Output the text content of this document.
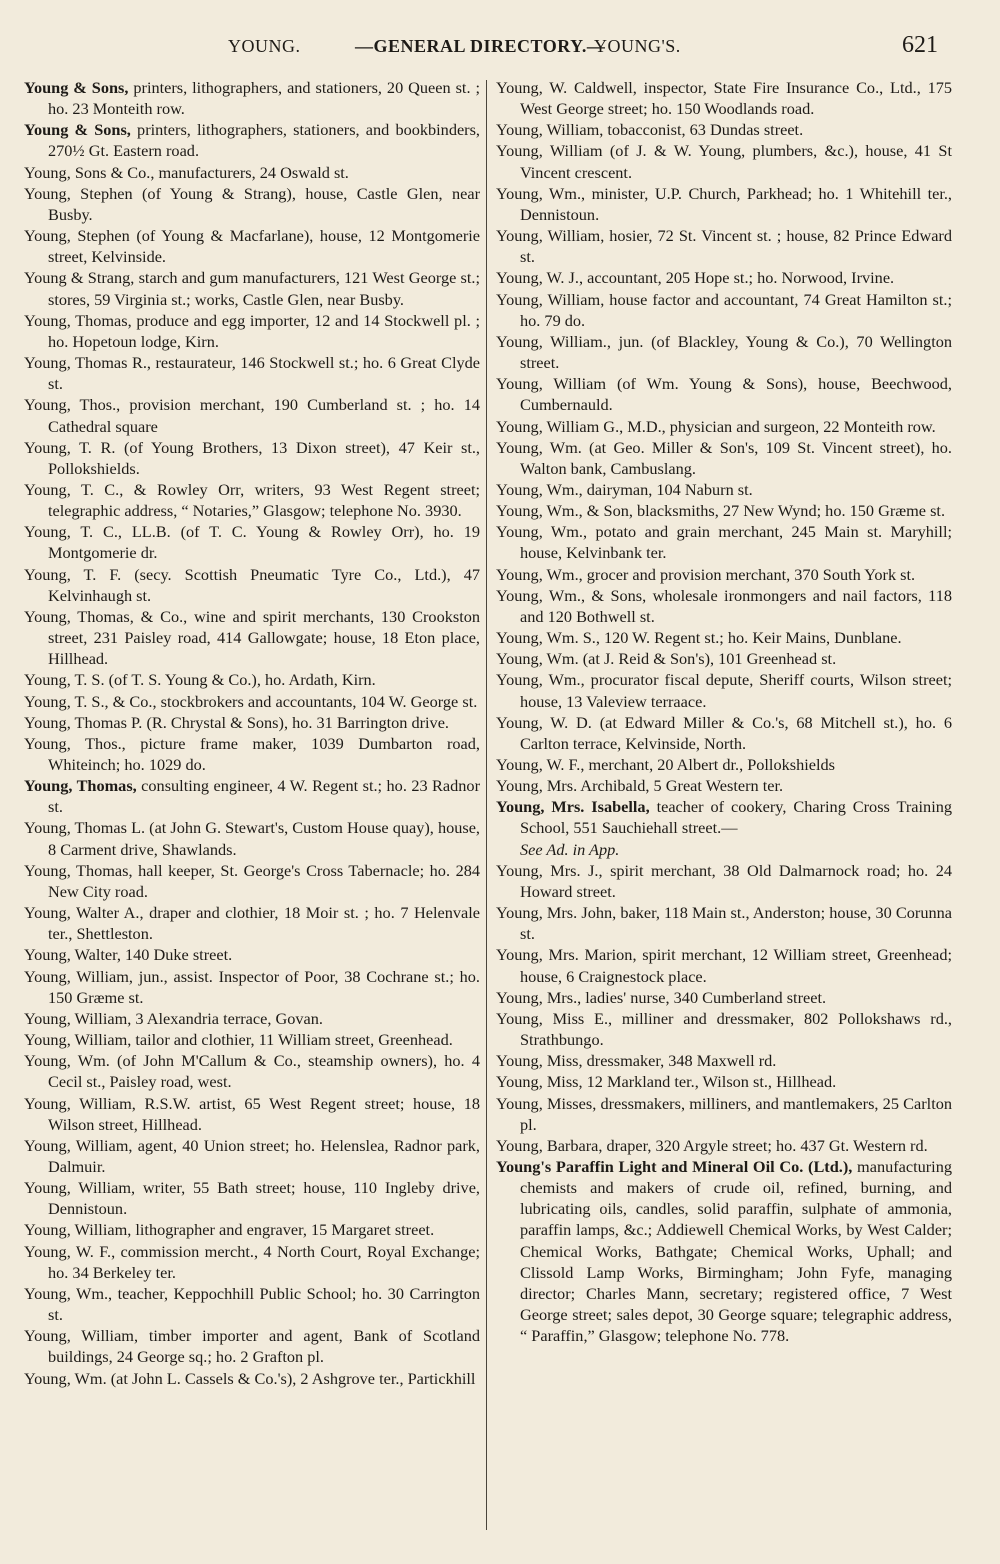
YOUNG.	—GENERAL DIRECTORY.—
YOUNG'S.	621

Young & Sons, printers, lithographers, and stationers, 20 Queen st. ; ho. 23 Monteith row.

Young & Sons, printers, lithographers, stationers, and bookbinders, 270½ Gt. Eastern road.

Young, Sons & Co., manufacturers, 24 Oswald st.

Young, Stephen (of Young & Strang), house, Castle Glen, near Busby.

Young, Stephen (of Young & Macfarlane), house, 12 Montgomerie street, Kelvinside.

Young & Strang, starch and gum manufacturers, 121 West George st.; stores, 59 Virginia st.; works, Castle Glen, near Busby.

Young, Thomas, produce and egg importer, 12 and 14 Stockwell pl. ; ho. Hopetoun lodge, Kirn.

Young, Thomas R., restaurateur, 146 Stockwell st.; ho. 6 Great Clyde st.

Young, Thos., provision merchant, 190 Cumberland st. ; ho. 14 Cathedral square

Young, T. R. (of Young Brothers, 13 Dixon street), 47 Keir st., Pollokshields.

Young, T. C., & Rowley Orr, writers, 93 West Regent street; telegraphic address, “ Notaries,” Glasgow; telephone No. 3930.

Young, T. C., LL.B. (of T. C. Young & Rowley Orr), ho. 19 Montgomerie dr.

Young, T. F. (secy. Scottish Pneumatic Tyre Co., Ltd.), 47 Kelvinhaugh st.

Young, Thomas, & Co., wine and spirit merchants, 130 Crookston street, 231 Paisley road, 414 Gallowgate; house, 18 Eton place, Hillhead.

Young, T. S. (of T. S. Young & Co.), ho. Ardath, Kirn.

Young, T. S., & Co., stockbrokers and accountants, 104 W. George st.

Young, Thomas P. (R. Chrystal & Sons), ho. 31 Barrington drive.

Young, Thos., picture frame maker, 1039 Dumbarton road, Whiteinch; ho. 1029 do.

Young, Thomas, consulting engineer, 4 W. Regent st.; ho. 23 Radnor st.

Young, Thomas L. (at John G. Stewart's, Custom House quay), house, 8 Carment drive, Shawlands.

Young, Thomas, hall keeper, St. George's Cross Tabernacle; ho. 284 New City road.

Young, Walter A., draper and clothier, 18 Moir st. ; ho. 7 Helenvale ter., Shettleston.

Young, Walter, 140 Duke street.

Young, William, jun., assist. Inspector of Poor, 38 Cochrane st.; ho. 150 Græme st.

Young, William, 3 Alexandria terrace, Govan.

Young, William, tailor and clothier, 11 William street, Greenhead.

Young, Wm. (of John M'Callum & Co., steamship owners), ho. 4 Cecil st., Paisley road, west.

Young, William, R.S.W. artist, 65 West Regent street; house, 18 Wilson street, Hillhead.

Young, William, agent, 40 Union street; ho. Helenslea, Radnor park, Dalmuir.

Young, William, writer, 55 Bath street; house, 110 Ingleby drive, Dennistoun.

Young, William, lithographer and engraver, 15 Margaret street.

Young, W. F., commission mercht., 4 North Court, Royal Exchange; ho. 34 Berkeley ter.

Young, Wm., teacher, Keppochhill Public School; ho. 30 Carrington st.

Young, William, timber importer and agent, Bank of Scotland buildings, 24 George sq.; ho. 2 Grafton pl.

Young, Wm. (at John L. Cassels & Co.'s), 2 Ashgrove ter., Partickhill

Young, W. Caldwell, inspector, State Fire Insurance Co., Ltd., 175 West George street; ho. 150 Woodlands road.

Young, William, tobacconist, 63 Dundas street.

Young, William (of J. & W. Young, plumbers, &c.), house, 41 St Vincent crescent.

Young, Wm., minister, U.P. Church, Parkhead; ho. 1 Whitehill ter., Dennistoun.

Young, William, hosier, 72 St. Vincent st. ; house, 82 Prince Edward st.

Young, W. J., accountant, 205 Hope st.; ho. Norwood, Irvine.

Young, William, house factor and accountant, 74 Great Hamilton st.; ho. 79 do.

Young, William., jun. (of Blackley, Young & Co.), 70 Wellington street.

Young, William (of Wm. Young & Sons), house, Beechwood, Cumbernauld.

Young, William G., M.D., physician and surgeon, 22 Monteith row.

Young, Wm. (at Geo. Miller & Son's, 109 St. Vincent street), ho. Walton bank, Cambuslang.

Young, Wm., dairyman, 104 Naburn st.

Young, Wm., & Son, blacksmiths, 27 New Wynd; ho. 150 Græme st.

Young, Wm., potato and grain merchant, 245 Main st. Maryhill; house, Kelvinbank ter.

Young, Wm., grocer and provision merchant, 370 South York st.

Young, Wm., & Sons, wholesale ironmongers and nail factors, 118 and 120 Bothwell st.

Young, Wm. S., 120 W. Regent st.; ho. Keir Mains, Dunblane.

Young, Wm. (at J. Reid & Son's), 101 Greenhead st.

Young, Wm., procurator fiscal depute, Sheriff courts, Wilson street; house, 13 Valeview terraace.

Young, W. D. (at Edward Miller & Co.'s, 68 Mitchell st.), ho. 6 Carlton terrace, Kelvinside, North.

Young, W. F., merchant, 20 Albert dr., Pollokshields

Young, Mrs. Archibald, 5 Great Western ter.

Young, Mrs. Isabella, teacher of cookery, Charing Cross Training School, 551 Sauchiehall street.—
See Ad. in App.

Young, Mrs. J., spirit merchant, 38 Old Dalmarnock road; ho. 24 Howard street.

Young, Mrs. John, baker, 118 Main st., Anderston; house, 30 Corunna st.

Young, Mrs. Marion, spirit merchant, 12 William street, Greenhead; house, 6 Craignestock place.

Young, Mrs., ladies' nurse, 340 Cumberland street.

Young, Miss E., milliner and dressmaker, 802 Pollokshaws rd., Strathbungo.

Young, Miss, dressmaker, 348 Maxwell rd.

Young, Miss, 12 Markland ter., Wilson st., Hillhead.

Young, Misses, dressmakers, milliners, and mantlemakers, 25 Carlton pl.

Young, Barbara, draper, 320 Argyle street; ho. 437 Gt. Western rd.

Young's Paraffin Light and Mineral Oil Co. (Ltd.), manufacturing chemists and makers of crude oil, refined, burning, and lubricating oils, candles, solid paraffin, sulphate of ammonia, paraffin lamps, &c.; Addiewell Chemical Works, by West Calder; Chemical Works, Bathgate; Chemical Works, Uphall; and Clissold Lamp Works, Birmingham; John Fyfe, managing director; Charles Mann, secretary; registered office, 7 West George street; sales depot, 30 George square; telegraphic address, “ Paraffin,” Glasgow; telephone No. 778.
